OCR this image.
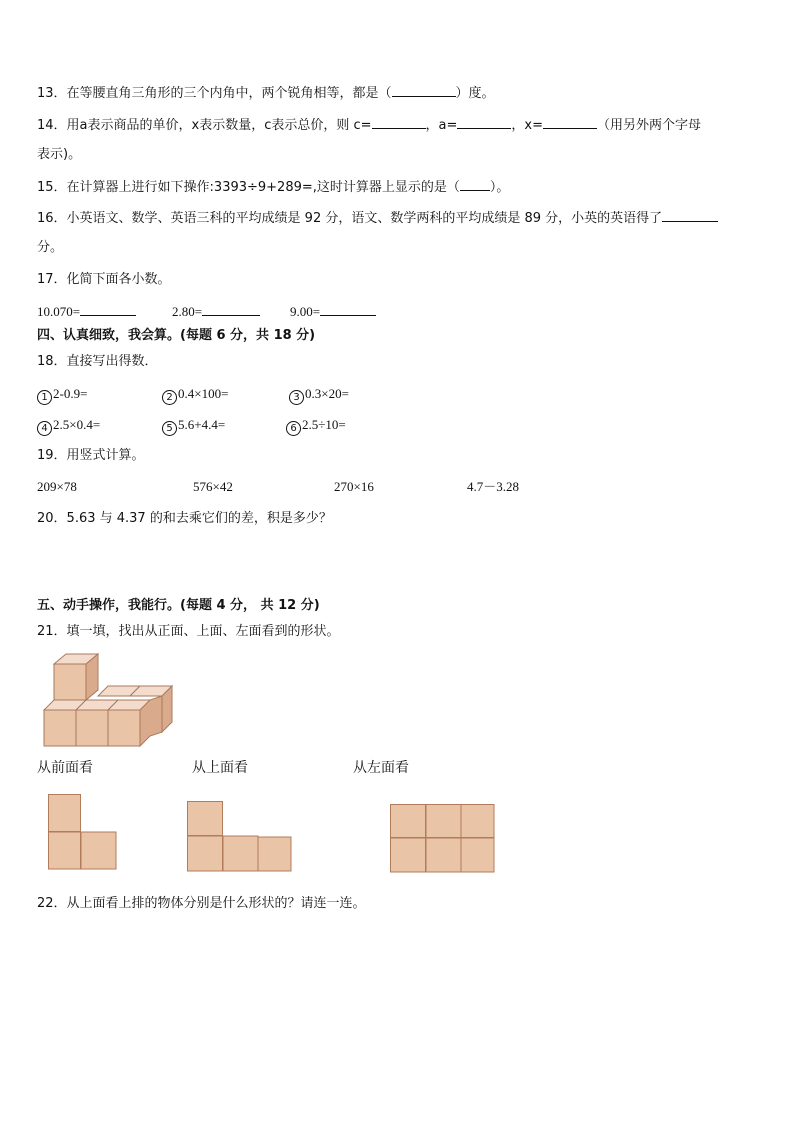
13．在等腰直角三角形的三个内角中，两个锐角相等，都是（	）度。
14．用a表示商品的单价，x表示数量，c表示总价，则 c=	，a=	，x=	（用另外两个字母
表示)。
15．在计算器上进行如下操作:3393÷9+289=,这时计算器上显示的是（ ）。
16．小英语文、数学、英语三科的平均成绩是 92 分，语文、数学两科的平均成绩是 89 分，小英的英语得了
分。
17．化简下面各小数。
10.070=	2.80=	9.00=
四、认真细致，我会算。(每题 6 分，共 18 分)
18．直接写出得数．
1 2-0.9=	2 0.4×100=	3 0.3×20=
4 2.5×0.4=	5 5.6+4.4=	6 2.5÷10=
19．用竖式计算。
209×78	576×42	270×16	4.7－3.28
20．5.63 与 4.37 的和去乘它们的差，积是多少？
五、动手操作，我能行。(每题 4 分， 共 12 分)
21．填一填，找出从正面、上面、左面看到的形状。
从前面看	从上面看	从左面看
22．从上面看上排的物体分别是什么形状的？请连一连。
